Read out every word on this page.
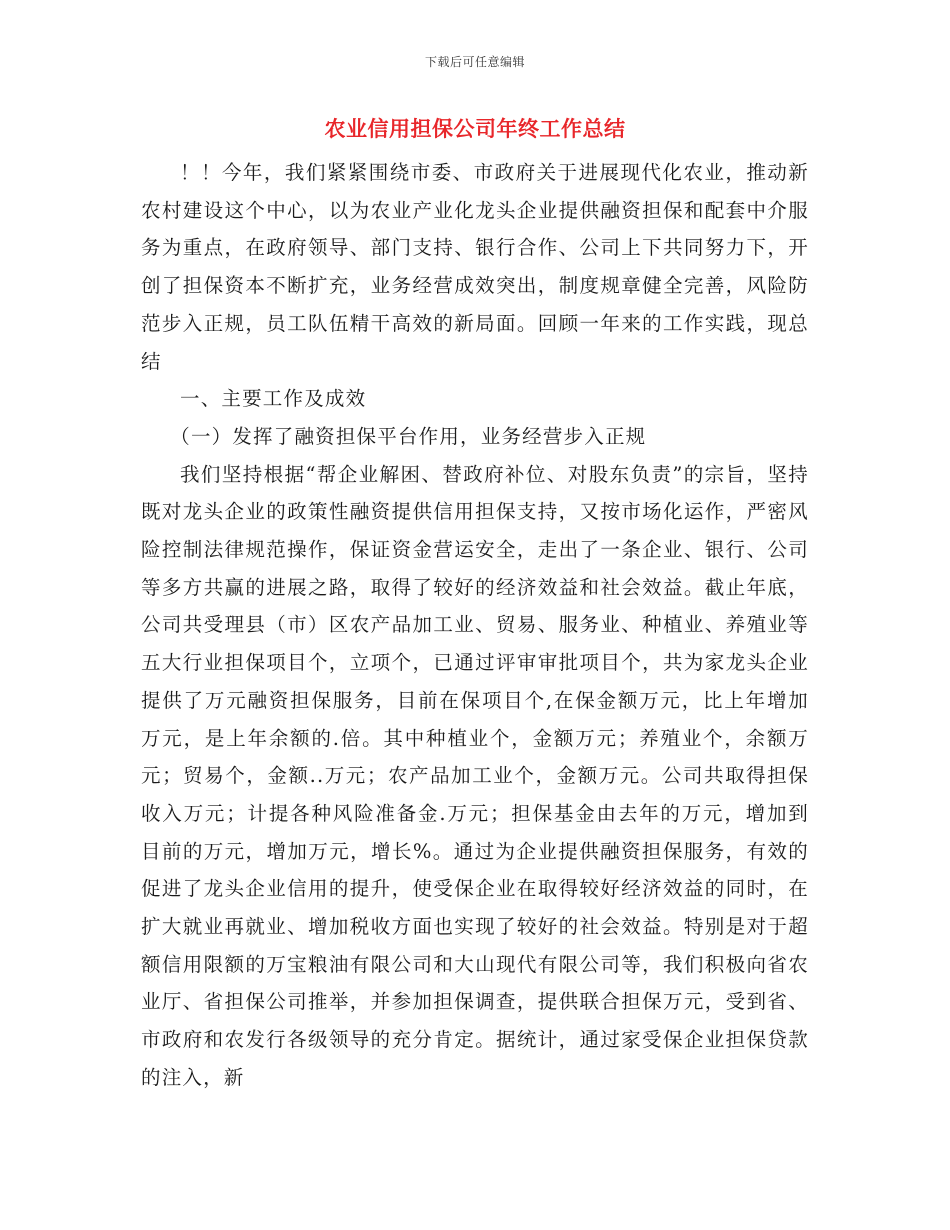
下载后可任意编辑
农业信用担保公司年终工作总结

！！今年，我们紧紧围绕市委、市政府关于进展现代化农业，推动新农村建设这个中心，以为农业产业化龙头企业提供融资担保和配套中介服务为重点，在政府领导、部门支持、银行合作、公司上下共同努力下，开创了担保资本不断扩充，业务经营成效突出，制度规章健全完善，风险防范步入正规，员工队伍精干高效的新局面。回顾一年来的工作实践，现总结

一、主要工作及成效

（一）发挥了融资担保平台作用，业务经营步入正规

我们坚持根据“帮企业解困、替政府补位、对股东负责”的宗旨，坚持既对龙头企业的政策性融资提供信用担保支持，又按市场化运作，严密风险控制法律规范操作，保证资金营运安全，走出了一条企业、银行、公司等多方共赢的进展之路，取得了较好的经济效益和社会效益。截止年底，公司共受理县（市）区农产品加工业、贸易、服务业、种植业、养殖业等五大行业担保项目个，立项个，已通过评审审批项目个，共为家龙头企业提供了万元融资担保服务，目前在保项目个,在保金额万元，比上年增加万元，是上年余额的.倍。其中种植业个，金额万元；养殖业个，余额万元；贸易个，金额..万元；农产品加工业个，金额万元。公司共取得担保收入万元；计提各种风险准备金.万元；担保基金由去年的万元，增加到目前的万元，增加万元，增长%。通过为企业提供融资担保服务，有效的促进了龙头企业信用的提升，使受保企业在取得较好经济效益的同时，在扩大就业再就业、增加税收方面也实现了较好的社会效益。特别是对于超额信用限额的万宝粮油有限公司和大山现代有限公司等，我们积极向省农业厅、省担保公司推举，并参加担保调查，提供联合担保万元，受到省、市政府和农发行各级领导的充分肯定。据统计，通过家受保企业担保贷款的注入，新
